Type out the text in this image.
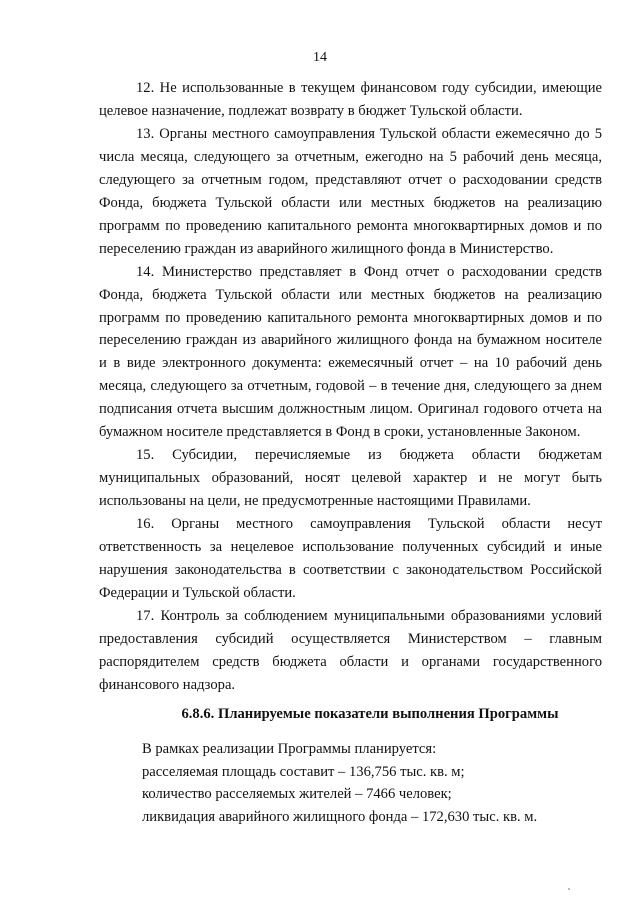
14

12. Не использованные в текущем финансовом году субсидии, имеющие целевое назначение, подлежат возврату в бюджет Тульской области.

13. Органы местного самоуправления Тульской области ежемесячно до 5 числа месяца, следующего за отчетным, ежегодно на 5 рабочий день месяца, следующего за отчетным годом, представляют отчет о расходовании средств Фонда, бюджета Тульской области или местных бюджетов на реализацию программ по проведению капитального ремонта многоквартирных домов и по переселению граждан из аварийного жилищного фонда в Министерство.

14. Министерство представляет в Фонд отчет о расходовании средств Фонда, бюджета Тульской области или местных бюджетов на реализацию программ по проведению капитального ремонта многоквартирных домов и по переселению граждан из аварийного жилищного фонда на бумажном носителе и в виде электронного документа: ежемесячный отчет – на 10 рабочий день месяца, следующего за отчетным, годовой – в течение дня, следующего за днем подписания отчета высшим должностным лицом. Оригинал годового отчета на бумажном носителе представляется в Фонд в сроки, установленные Законом.

15. Субсидии, перечисляемые из бюджета области бюджетам муниципальных образований, носят целевой характер и не могут быть использованы на цели, не предусмотренные настоящими Правилами.

16. Органы местного самоуправления Тульской области несут ответственность за нецелевое использование полученных субсидий и иные нарушения законодательства в соответствии с законодательством Российской Федерации и Тульской области.

17. Контроль за соблюдением муниципальными образованиями условий предоставления субсидий осуществляется Министерством – главным распорядителем средств бюджета области и органами государственного финансового надзора.

6.8.6. Планируемые показатели выполнения Программы

В рамках реализации Программы планируется:

расселяемая площадь составит – 136,756 тыс. кв. м;

количество расселяемых жителей – 7466 человек;

ликвидация аварийного жилищного фонда – 172,630 тыс. кв. м.
